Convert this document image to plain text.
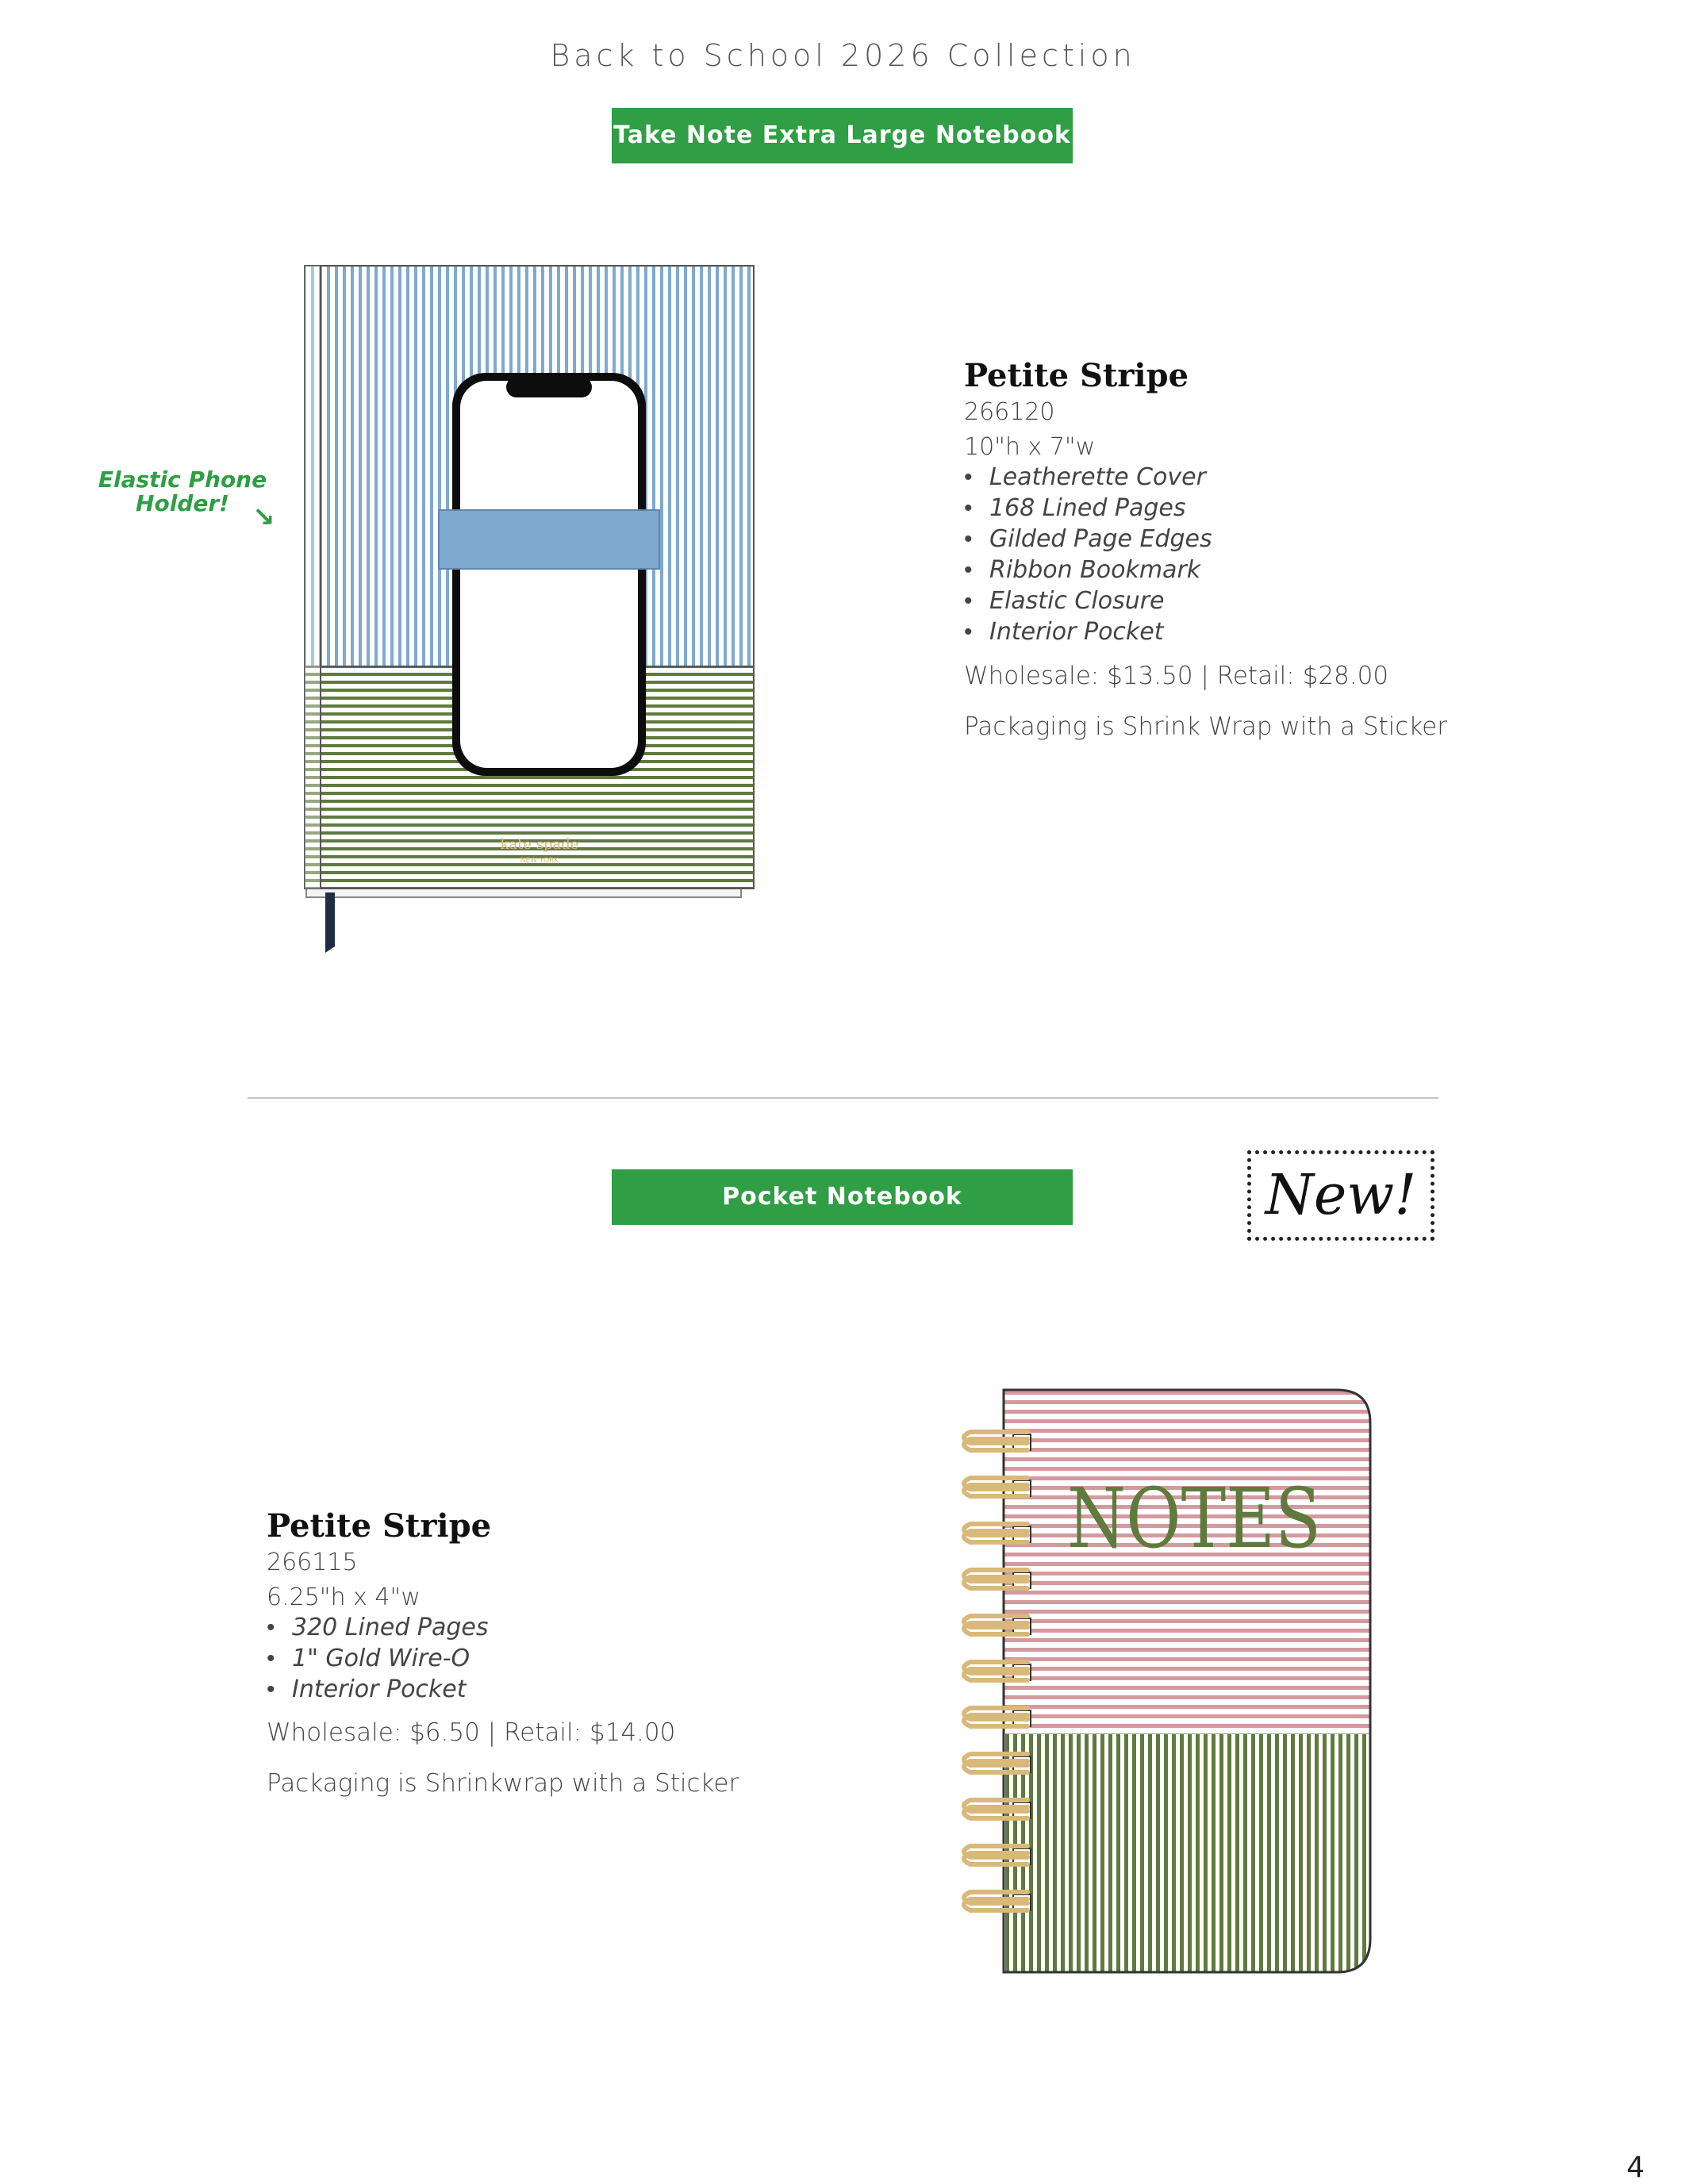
Back to School 2026 Collection
Take Note Extra Large Notebook
Elastic Phone
Holder! ↘
kate spade
NEW YORK
Petite Stripe
266120
10"h x 7"w
• Leatherette Cover
• 168 Lined Pages
• Gilded Page Edges
• Ribbon Bookmark
• Elastic Closure
• Interior Pocket
Wholesale: $13.50 | Retail: $28.00
Packaging is Shrink Wrap with a Sticker
Pocket Notebook	New!
Petite Stripe
266115
6.25"h x 4"w
• 320 Lined Pages
• 1" Gold Wire-O
• Interior Pocket
Wholesale: $6.50 | Retail: $14.00
Packaging is Shrinkwrap with a Sticker
NOTES
4
